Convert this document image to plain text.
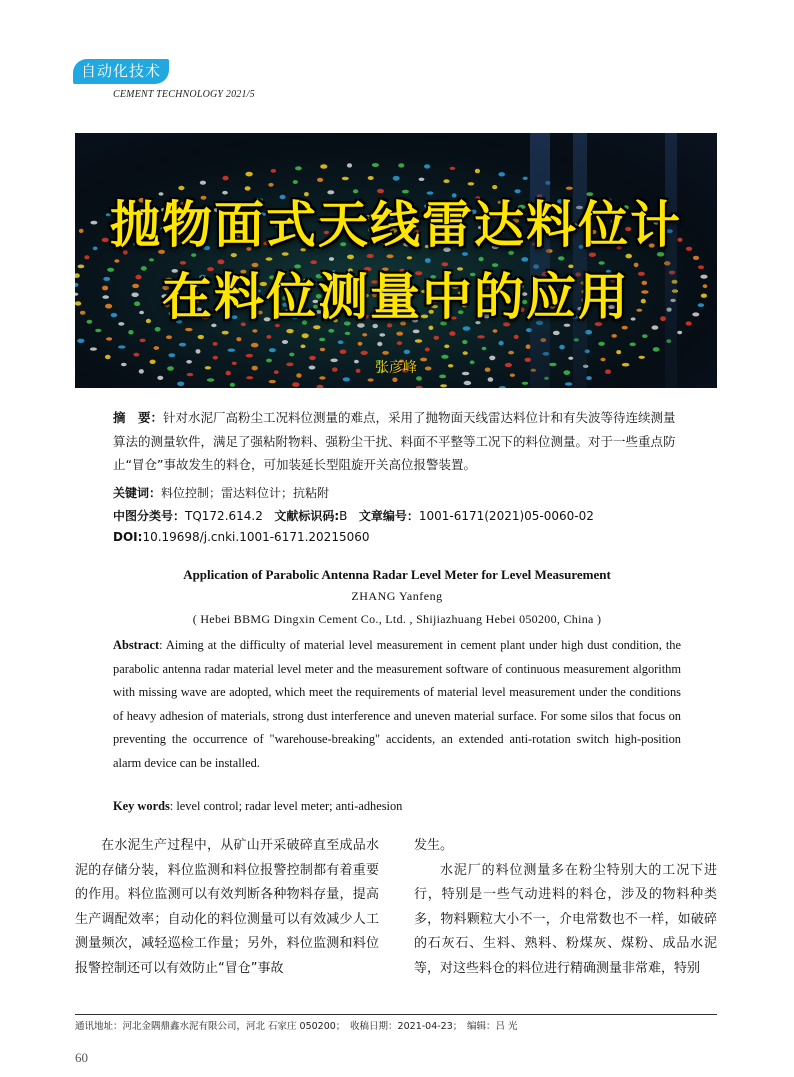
自动化技术
CEMENT TECHNOLOGY 2021/5
抛物面式天线雷达料位计
在料位测量中的应用
张彦峰
摘　要：针对水泥厂高粉尘工况料位测量的难点，采用了抛物面天线雷达料位计和有失波等待连续测量算法的测量软件，满足了强粘附物料、强粉尘干扰、料面不平整等工况下的料位测量。对于一些重点防止“冒仓”事故发生的料仓，可加装延长型阻旋开关高位报警装置。
关键词：料位控制；雷达料位计；抗粘附
中图分类号：TQ172.614.2 文献标识码:B 文章编号：1001-6171(2021)05-0060-02
DOI:10.19698/j.cnki.1001-6171.20215060
Application of Parabolic Antenna Radar Level Meter for Level Measurement
ZHANG Yanfeng
( Hebei BBMG Dingxin Cement Co., Ltd. , Shijiazhuang Hebei 050200, China )
Abstract: Aiming at the difficulty of material level measurement in cement plant under high dust condition, the parabolic antenna radar material level meter and the measurement software of continuous measurement algorithm with missing wave are adopted, which meet the requirements of material level measurement under the conditions of heavy adhesion of materials, strong dust interference and uneven material surface. For some silos that focus on preventing the occurrence of "warehouse-breaking" accidents, an extended anti-rotation switch high-position alarm device can be installed.
Key words: level control; radar level meter; anti-adhesion

在水泥生产过程中，从矿山开采破碎直至成品水泥的存储分装，料位监测和料位报警控制都有着重要的作用。料位监测可以有效判断各种物料存量，提高生产调配效率；自动化的料位测量可以有效减少人工测量频次，减轻巡检工作量；另外，料位监测和料位报警控制还可以有效防止“冒仓”事故

发生。

水泥厂的料位测量多在粉尘特别大的工况下进行，特别是一些气动进料的料仓，涉及的物料种类多，物料颗粒大小不一，介电常数也不一样，如破碎的石灰石、生料、熟料、粉煤灰、煤粉、成品水泥等，对这些料仓的料位进行精确测量非常难，特别

通讯地址：河北金隅鼎鑫水泥有限公司，河北 石家庄 050200；　收稿日期：2021-04-23；　编辑：吕 光
60
